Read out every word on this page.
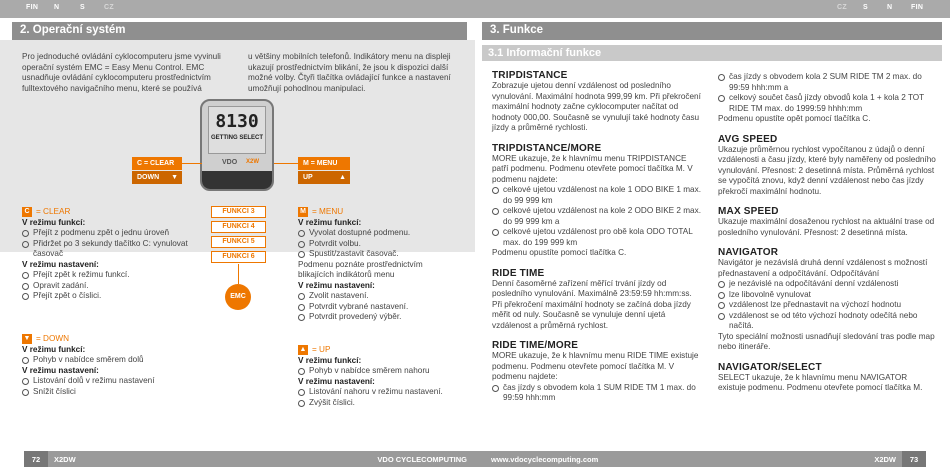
FIN N	S	CZ	CZ S	N	FIN
2. Operační systém
Pro jednoduché ovládání cyklocomputeru jsme vyvinuli operační systém EMC = Easy Menu Control. EMC usnadňuje ovládání cyklocomputeru prostřednictvím fulltextového navigačního menu, které se používá
u většiny mobilních telefonů. Indikátory menu na displeji ukazují prostřednictvím blikání, že jsou k dispozici další možné volby. Čtyři tlačítka ovládající funkce a nastavení umožňují pohodlnou manipulaci.
8130
GETTING SELECT
VDO X2W
C = CLEAR
DOWN ▼
M = MENU
UP	▲
FUNKCI 3
FUNKCI 4
FUNKCI 5
FUNKCI 6
EMC
C = CLEAR
V režimu funkcí:
Přejít z podmenu zpět o jednu úroveň
Přidržet po 3 sekundy tlačítko C: vynulovat časovač
V režimu nastavení:
Přejít zpět k režimu funkcí.
Opravit zadání.
Přejít zpět o číslici.
▼ = DOWN
V režimu funkcí:
Pohyb v nabídce směrem dolů
V režimu nastavení:
Listování dolů v režimu nastavení
Snížit číslici
M = MENU
V režimu funkcí:
Vyvolat dostupné podmenu.
Potvrdit volbu.
Spustit/zastavit časovač.
Podmenu poznáte prostřednictvím blikajících indikátorů menu
V režimu nastavení:
Zvolit nastavení.
Potvrdit vybrané nastavení.
Potvrdit provedený výběr.
▲ = UP
V režimu funkcí:
Pohyb v nabídce směrem nahoru
V režimu nastavení:
Listování nahoru v režimu nastavení.
Zvýšit číslici.
3. Funkce
3.1 Informační funkce
TRIPDISTANCE
Zobrazuje ujetou denní vzdálenost od posledního vynulování. Maximální hodnota 999,99 km. Při překročení maximální hodnoty začne cyklocomputer načítat od hodnoty 000,00. Současně se vynulují také hodnoty času jízdy a průměrné rychlosti.
TRIPDISTANCE/MORE
MORE ukazuje, že k hlavnímu menu TRIPDISTANCE patří podmenu. Podmenu otevřete pomocí tlačítka M. V podmenu najdete:
celkové ujetou vzdálenost na kole 1 ODO BIKE 1 max. do 99 999 km
celkové ujetou vzdálenost na kole 2 ODO BIKE 2 max. do 99 999 km a
celkové ujetou vzdálenost pro obě kola ODO TOTAL max. do 199 999 km
Podmenu opustíte pomocí tlačítka C.
RIDE TIME
Denní časoměrné zařízení měřící trvání jízdy od posledního vynulování. Maximálně 23:59:59 hh:mm:ss. Při překročení maximální hodnoty se začíná doba jízdy měřit od nuly. Současně se vynuluje denní ujetá vzdálenost a průměrná rychlost.
RIDE TIME/MORE
MORE ukazuje, že k hlavnímu menu RIDE TIME existuje podmenu. Podmenu otevřete pomocí tlačítka M. V podmenu najdete:
čas jízdy s obvodem kola 1 SUM RIDE TM 1 max. do 99:59 hhh:mm
čas jízdy s obvodem kola 2 SUM RIDE TM 2 max. do 99:59 hhh:mm a
celkový součet časů jízdy obvodů kola 1 + kola 2 TOT RIDE TM max. do 1999:59 hhhh:mm
Podmenu opustíte opět pomocí tlačítka C.
AVG SPEED
Ukazuje průměrnou rychlost vypočítanou z údajů o denní vzdálenosti a času jízdy, které byly naměřeny od posledního vynulování. Přesnost: 2 desetinná místa. Průměrná rychlost se vypočítá znovu, když denní vzdálenost nebo čas jízdy překročí maximální hodnotu.
MAX SPEED
Ukazuje maximální dosaženou rychlost na aktuální trase od posledního vynulování. Přesnost: 2 desetinná místa.
NAVIGATOR
Navigátor je nezávislá druhá denní vzdálenost s možností přednastavení a odpočítávání. Odpočítávání
je nezávislé na odpočítávání denní vzdálenosti
lze libovolně vynulovat
vzdálenost lze přednastavit na výchozí hodnotu
vzdálenost se od této výchozí hodnoty odečítá nebo načítá.
Tyto speciální možnosti usnadňují sledování tras podle map nebo itineráře.
NAVIGATOR/SELECT
SELECT ukazuje, že k hlavnímu menu NAVIGATOR existuje podmenu. Podmenu otevřete pomocí tlačítka M.
72	X2DW	VDO CYCLECOMPUTING	www.vdocyclecomputing.com	X2DW	73
